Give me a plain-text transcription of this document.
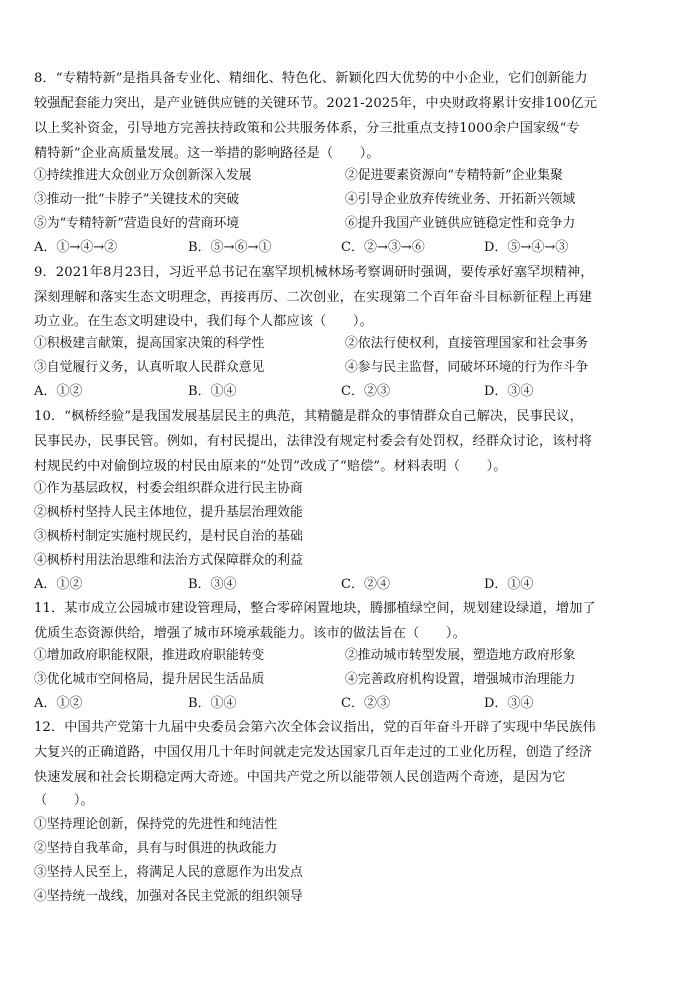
8．“专精特新”是指具备专业化、精细化、特色化、新颖化四大优势的中小企业，它们创新能力
较强配套能力突出，是产业链供应链的关键环节。2021-2025年，中央财政将累计安排100亿元
以上奖补资金，引导地方完善扶持政策和公共服务体系，分三批重点支持1000余户国家级“专
精特新”企业高质量发展。这一举措的影响路径是（　　）。
①持续推进大众创业万众创新深入发展	②促进要素资源向“专精特新”企业集聚
③推动一批“卡脖子”关键技术的突破	④引导企业放弃传统业务、开拓新兴领域
⑤为“专精特新”营造良好的营商环境	⑥提升我国产业链供应链稳定性和竞争力
A．①→④→②	B．⑤→⑥→①	C．②→③→⑥	D．⑤→④→③
9．2021年8月23日，习近平总书记在塞罕坝机械林场考察调研时强调，要传承好塞罕坝精神，
深刻理解和落实生态文明理念，再接再厉、二次创业，在实现第二个百年奋斗目标新征程上再建
功立业。在生态文明建设中，我们每个人都应该（　　）。
①积极建言献策，提高国家决策的科学性	②依法行使权利，直接管理国家和社会事务
③自觉履行义务，认真听取人民群众意见	④参与民主监督，同破坏环境的行为作斗争
A．①②	B．①④	C．②③	D．③④
10．“枫桥经验”是我国发展基层民主的典范，其精髓是群众的事情群众自己解决，民事民议，
民事民办，民事民管。例如，有村民提出，法律没有规定村委会有处罚权，经群众讨论，该村将
村规民约中对偷倒垃圾的村民由原来的“处罚”改成了“赔偿”。材料表明（　　）。
①作为基层政权，村委会组织群众进行民主协商
②枫桥村坚持人民主体地位，提升基层治理效能
③枫桥村制定实施村规民约，是村民自治的基础
④枫桥村用法治思维和法治方式保障群众的利益
A．①②	B．③④	C．②④	D．①④
11．某市成立公园城市建设管理局，整合零碎闲置地块，腾挪植绿空间，规划建设绿道，增加了
优质生态资源供给，增强了城市环境承载能力。该市的做法旨在（　　）。
①增加政府职能权限，推进政府职能转变	②推动城市转型发展，塑造地方政府形象
③优化城市空间格局，提升居民生活品质	④完善政府机构设置，增强城市治理能力
A．①②	B．①④	C．②③	D．③④
12．中国共产党第十九届中央委员会第六次全体会议指出，党的百年奋斗开辟了实现中华民族伟
大复兴的正确道路，中国仅用几十年时间就走完发达国家几百年走过的工业化历程，创造了经济
快速发展和社会长期稳定两大奇迹。中国共产党之所以能带领人民创造两个奇迹，是因为它
（　　）。
①坚持理论创新，保持党的先进性和纯洁性
②坚持自我革命，具有与时俱进的执政能力
③坚持人民至上，将满足人民的意愿作为出发点
④坚持统一战线，加强对各民主党派的组织领导
